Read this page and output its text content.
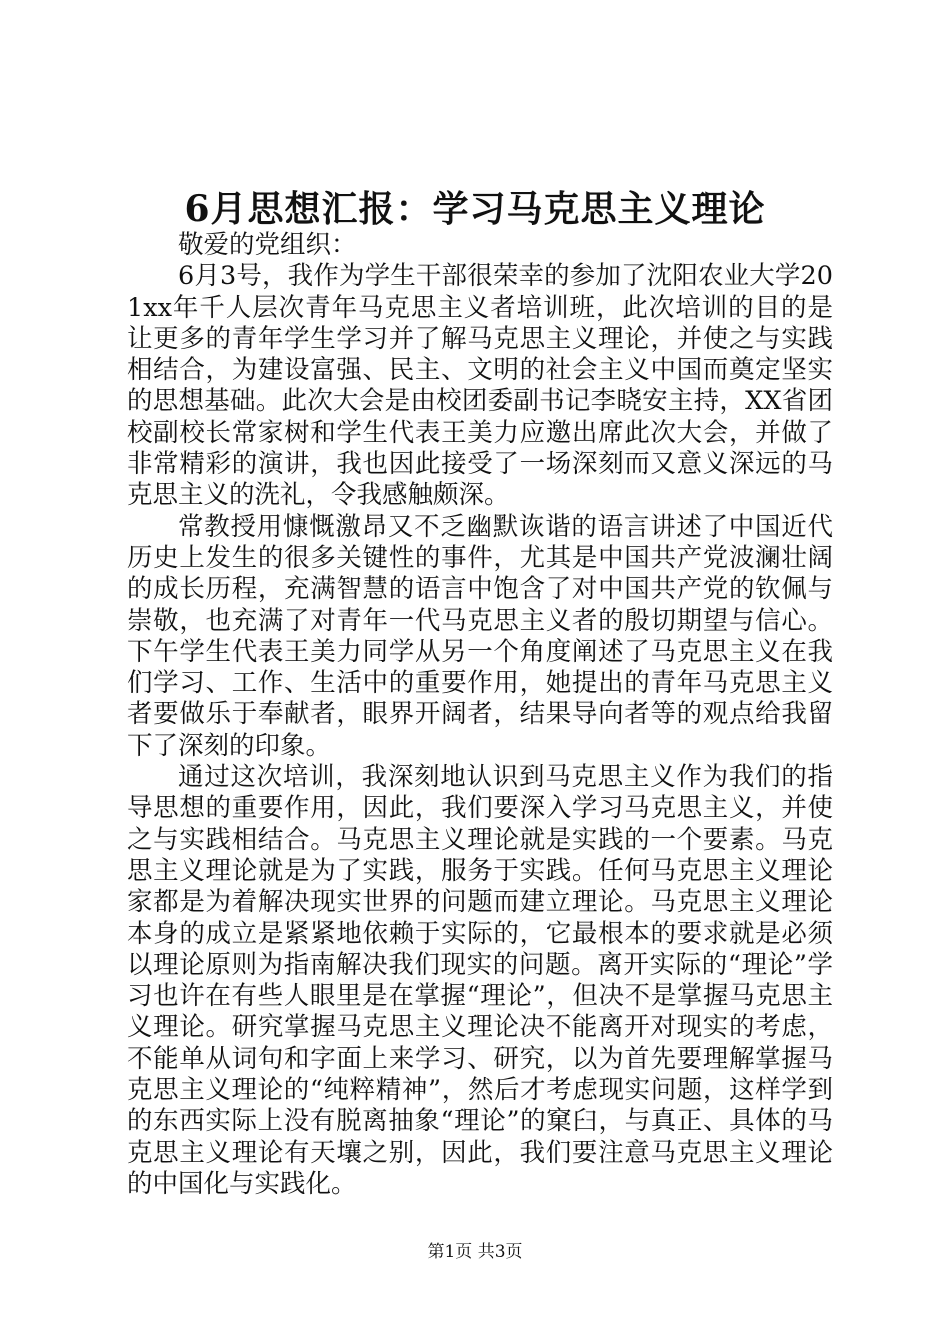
6月思想汇报：学习马克思主义理论

敬爱的党组织：

6月3号，我作为学生干部很荣幸的参加了沈阳农业大学201xx年千人层次青年马克思主义者培训班，此次培训的目的是让更多的青年学生学习并了解马克思主义理论，并使之与实践相结合，为建设富强、民主、文明的社会主义中国而奠定坚实的思想基础。此次大会是由校团委副书记李晓安主持，XX省团校副校长常家树和学生代表王美力应邀出席此次大会，并做了非常精彩的演讲，我也因此接受了一场深刻而又意义深远的马克思主义的洗礼，令我感触颇深。

常教授用慷慨激昂又不乏幽默诙谐的语言讲述了中国近代历史上发生的很多关键性的事件，尤其是中国共产党波澜壮阔的成长历程，充满智慧的语言中饱含了对中国共产党的钦佩与崇敬，也充满了对青年一代马克思主义者的殷切期望与信心。下午学生代表王美力同学从另一个角度阐述了马克思主义在我们学习、工作、生活中的重要作用，她提出的青年马克思主义者要做乐于奉献者，眼界开阔者，结果导向者等的观点给我留下了深刻的印象。

通过这次培训，我深刻地认识到马克思主义作为我们的指导思想的重要作用，因此，我们要深入学习马克思主义，并使之与实践相结合。马克思主义理论就是实践的一个要素。马克思主义理论就是为了实践，服务于实践。任何马克思主义理论家都是为着解决现实世界的问题而建立理论。马克思主义理论本身的成立是紧紧地依赖于实际的，它最根本的要求就是必须以理论原则为指南解决我们现实的问题。离开实际的“理论”学习也许在有些人眼里是在掌握“理论”，但决不是掌握马克思主义理论。研究掌握马克思主义理论决不能离开对现实的考虑，不能单从词句和字面上来学习、研究，以为首先要理解掌握马克思主义理论的“纯粹精神”，然后才考虑现实问题，这样学到的东西实际上没有脱离抽象“理论”的窠臼，与真正、具体的马克思主义理论有天壤之别，因此，我们要注意马克思主义理论的中国化与实践化。

第1页 共3页
